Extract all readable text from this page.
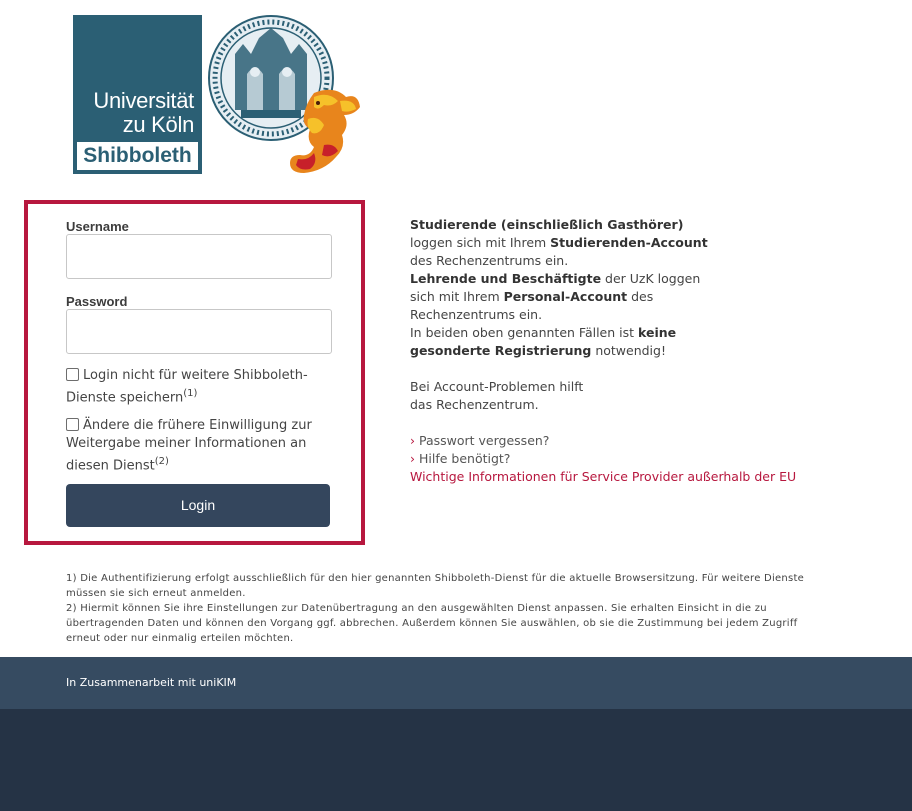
Universität
zu Köln
Shibboleth
Username
Password
Login nicht für weitere Shibboleth-Dienste speichern$^{(1)}$
Ändere die frühere Einwilligung zur Weitergabe meiner Informationen an diesen Dienst$^{(2)}$
Login
Studierende (einschließlich Gasthörer) loggen sich mit Ihrem Studierenden-Account des Rechenzentrums ein.
Lehrende und Beschäftigte der UzK loggen sich mit Ihrem Personal-Account des Rechenzentrums ein.
In beiden oben genannten Fällen ist keine gesonderte Registrierung notwendig!
Bei Account-Problemen hilft das Rechenzentrum.
› Passwort vergessen?
› Hilfe benötigt?
Wichtige Informationen für Service Provider außerhalb der EU
1) Die Authentifizierung erfolgt ausschließlich für den hier genannten Shibboleth-Dienst für die aktuelle Browsersitzung. Für weitere Dienste müssen sie sich erneut anmelden.
2) Hiermit können Sie ihre Einstellungen zur Datenübertragung an den ausgewählten Dienst anpassen. Sie erhalten Einsicht in die zu übertragenden Daten und können den Vorgang ggf. abbrechen. Außerdem können Sie auswählen, ob sie die Zustimmung bei jedem Zugriff erneut oder nur einmalig erteilen möchten.
In Zusammenarbeit mit uniKIM
